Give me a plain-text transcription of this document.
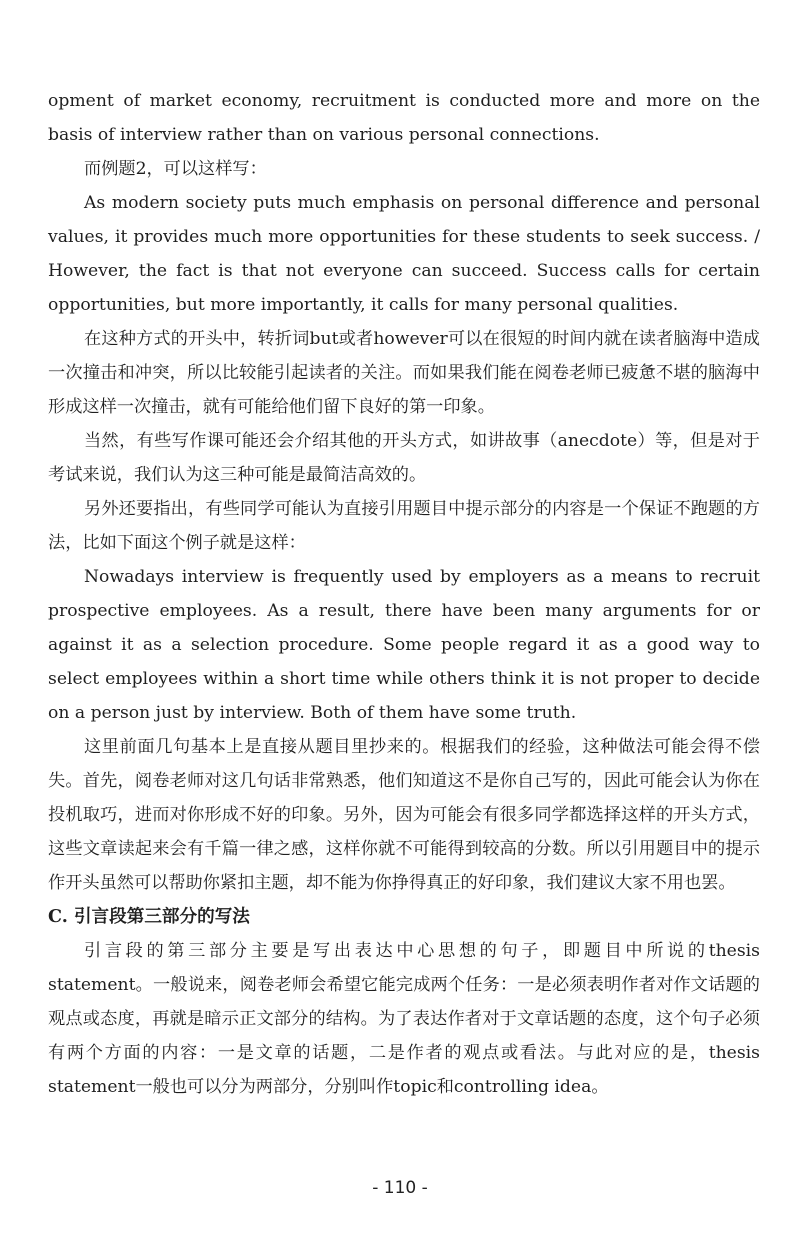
opment of market economy, recruitment is conducted more and more on the basis of interview rather than on various personal connections.

而例题2，可以这样写：

As modern society puts much emphasis on personal difference and personal values, it provides much more opportunities for these students to seek success. / However, the fact is that not everyone can succeed. Success calls for certain opportunities, but more importantly, it calls for many personal qualities.

在这种方式的开头中，转折词but或者however可以在很短的时间内就在读者脑海中造成一次撞击和冲突，所以比较能引起读者的关注。而如果我们能在阅卷老师已疲惫不堪的脑海中形成这样一次撞击，就有可能给他们留下良好的第一印象。

当然，有些写作课可能还会介绍其他的开头方式，如讲故事（anecdote）等，但是对于考试来说，我们认为这三种可能是最简洁高效的。

另外还要指出，有些同学可能认为直接引用题目中提示部分的内容是一个保证不跑题的方法，比如下面这个例子就是这样：

Nowadays interview is frequently used by employers as a means to recruit prospective employees. As a result, there have been many arguments for or against it as a selection procedure. Some people regard it as a good way to select employees within a short time while others think it is not proper to decide on a person just by interview. Both of them have some truth.

这里前面几句基本上是直接从题目里抄来的。根据我们的经验，这种做法可能会得不偿失。首先，阅卷老师对这几句话非常熟悉，他们知道这不是你自己写的，因此可能会认为你在投机取巧，进而对你形成不好的印象。另外，因为可能会有很多同学都选择这样的开头方式，这些文章读起来会有千篇一律之感，这样你就不可能得到较高的分数。所以引用题目中的提示作开头虽然可以帮助你紧扣主题，却不能为你挣得真正的好印象，我们建议大家不用也罢。

C. 引言段第三部分的写法

引言段的第三部分主要是写出表达中心思想的句子，即题目中所说的thesis statement。一般说来，阅卷老师会希望它能完成两个任务：一是必须表明作者对作文话题的观点或态度，再就是暗示正文部分的结构。为了表达作者对于文章话题的态度，这个句子必须有两个方面的内容：一是文章的话题，二是作者的观点或看法。与此对应的是，thesis statement一般也可以分为两部分，分别叫作topic和controlling idea。

- 110 -
